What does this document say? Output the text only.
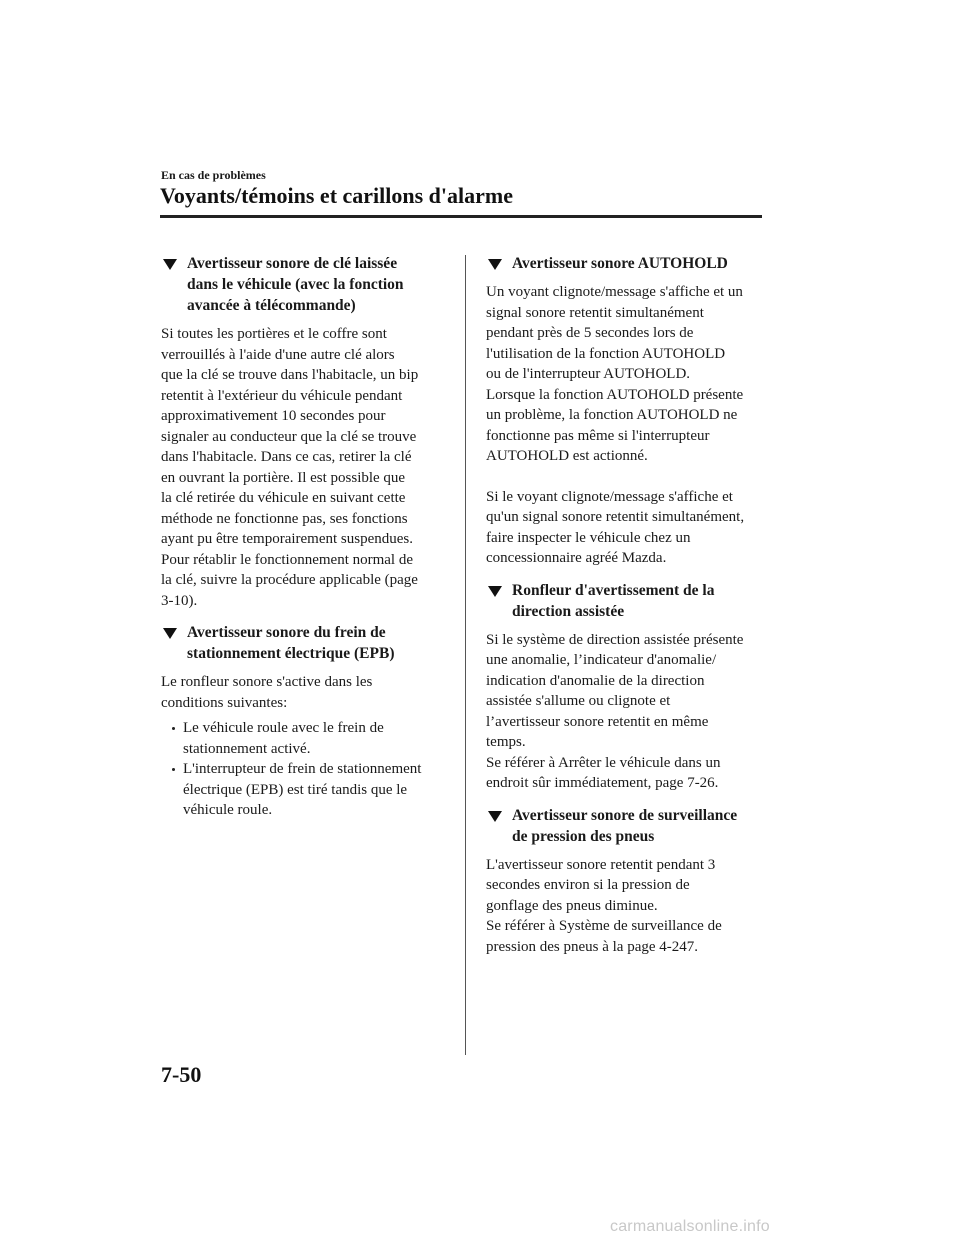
En cas de problèmes
Voyants/témoins et carillons d'alarme
Avertisseur sonore de clé laissée
dans le véhicule (avec la fonction
avancée à télécommande)

Si toutes les portières et le coffre sont
verrouillés à l'aide d'une autre clé alors
que la clé se trouve dans l'habitacle, un bip
retentit à l'extérieur du véhicule pendant
approximativement 10 secondes pour
signaler au conducteur que la clé se trouve
dans l'habitacle. Dans ce cas, retirer la clé
en ouvrant la portière. Il est possible que
la clé retirée du véhicule en suivant cette
méthode ne fonctionne pas, ses fonctions
ayant pu être temporairement suspendues.
Pour rétablir le fonctionnement normal de
la clé, suivre la procédure applicable (page
3-10).

Avertisseur sonore du frein de
stationnement électrique (EPB)

Le ronfleur sonore s'active dans les
conditions suivantes:

Le véhicule roule avec le frein de
stationnement activé.
L'interrupteur de frein de stationnement
électrique (EPB) est tiré tandis que le
véhicule roule.
Avertisseur sonore AUTOHOLD

Un voyant clignote/message s'affiche et un
signal sonore retentit simultanément
pendant près de 5 secondes lors de
l'utilisation de la fonction AUTOHOLD
ou de l'interrupteur AUTOHOLD.
Lorsque la fonction AUTOHOLD présente
un problème, la fonction AUTOHOLD ne
fonctionne pas même si l'interrupteur
AUTOHOLD est actionné.

Si le voyant clignote/message s'affiche et
qu'un signal sonore retentit simultanément,
faire inspecter le véhicule chez un
concessionnaire agréé Mazda.

Ronfleur d'avertissement de la
direction assistée

Si le système de direction assistée présente
une anomalie, l’indicateur d'anomalie/
indication d'anomalie de la direction
assistée s'allume ou clignote et
l’avertisseur sonore retentit en même
temps.
Se référer à Arrêter le véhicule dans un
endroit sûr immédiatement, page 7-26.

Avertisseur sonore de surveillance
de pression des pneus

L'avertisseur sonore retentit pendant 3
secondes environ si la pression de
gonflage des pneus diminue.
Se référer à Système de surveillance de
pression des pneus à la page 4-247.

7-50
carmanualsonline.info
